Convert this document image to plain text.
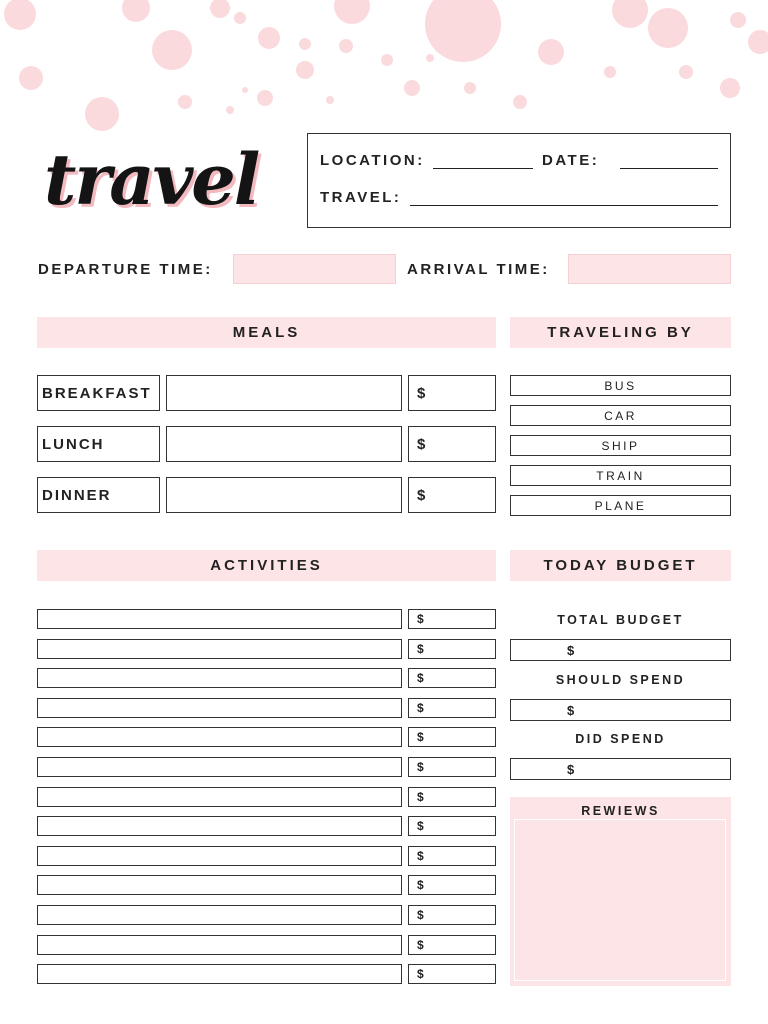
travel	LOCATION:	DATE:
TRAVEL:
DEPARTURE TIME:	ARRIVAL TIME:
MEALS	TRAVELING BY
ACTIVITIES	TODAY BUDGET
TOTAL BUDGET
$
SHOULD SPEND
$
DID SPEND
$
REWIEWS
BREAKFAST	$
LUNCH	$
DINNER	$
BUS
CAR
SHIP
TRAIN
PLANE
$
$
$
$
$
$
$
$
$
$
$
$
$
